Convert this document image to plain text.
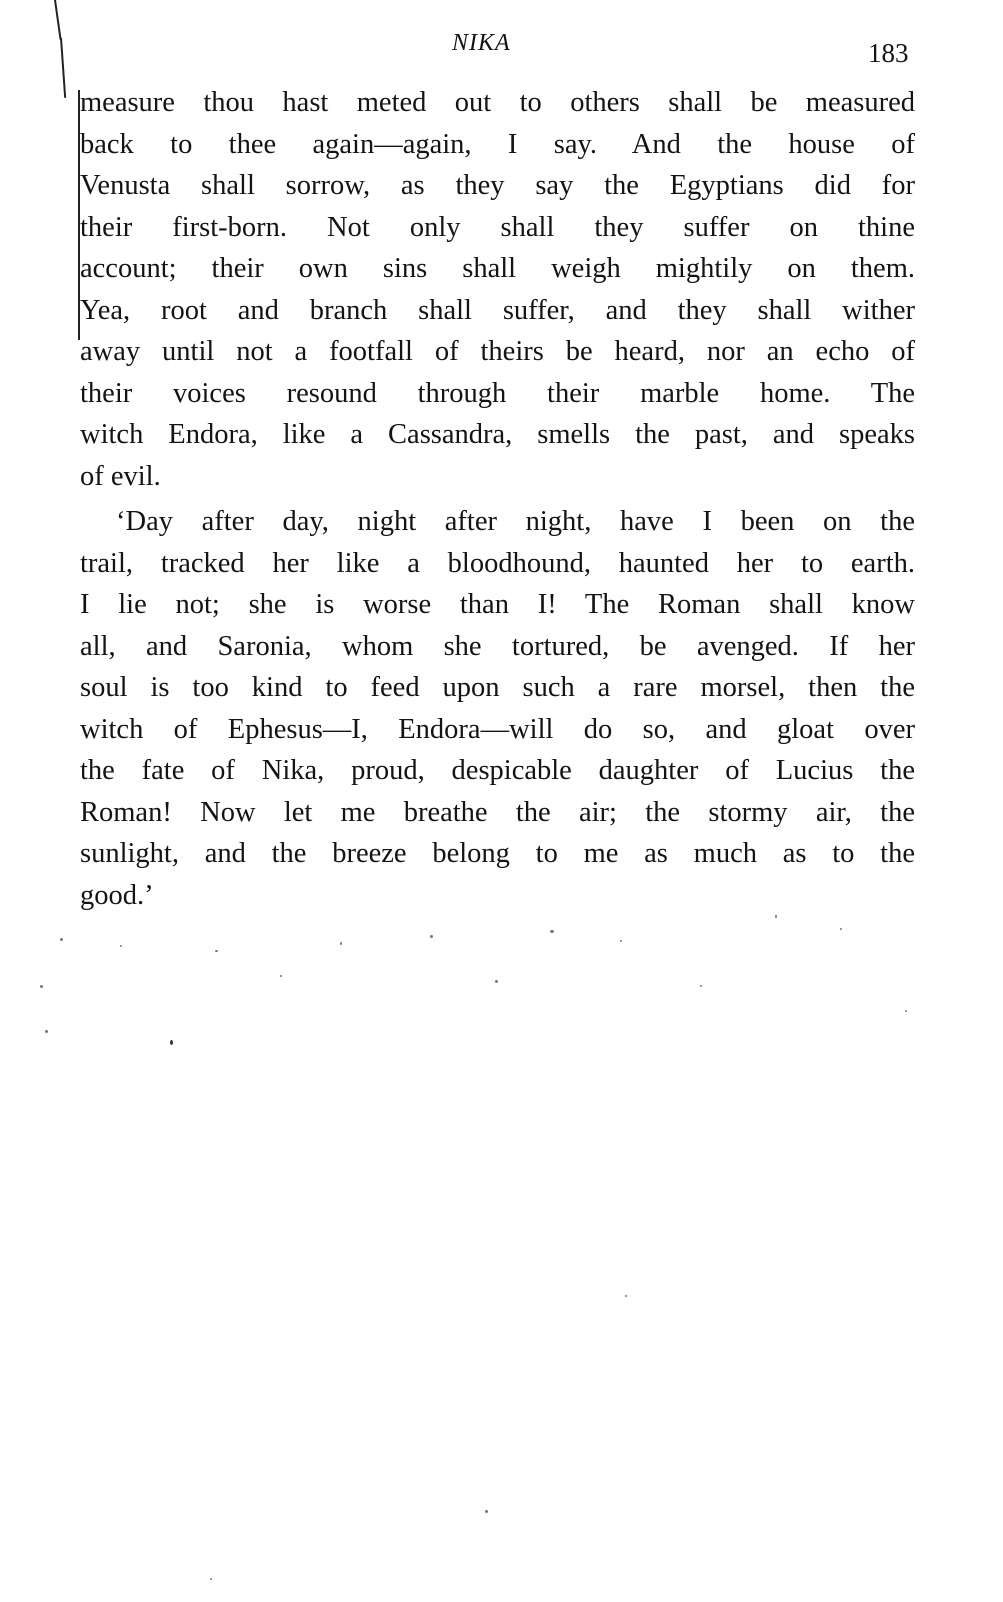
NIKA	183
measure thou hast meted out to others shall be measured
back to thee again—again, I say. And the house of
Venusta shall sorrow, as they say the Egyptians did for
their first-born. Not only shall they suffer on thine
account; their own sins shall weigh mightily on them.
Yea, root and branch shall suffer, and they shall wither
away until not a footfall of theirs be heard, nor an echo of
their voices resound through their marble home. The
witch Endora, like a Cassandra, smells the past, and speaks
of evil.
‘Day after day, night after night, have I been on the
trail, tracked her like a bloodhound, haunted her to earth.
I lie not; she is worse than I! The Roman shall know
all, and Saronia, whom she tortured, be avenged. If her
soul is too kind to feed upon such a rare morsel, then the
witch of Ephesus—I, Endora—will do so, and gloat over
the fate of Nika, proud, despicable daughter of Lucius the
Roman! Now let me breathe the air; the stormy air, the
sunlight, and the breeze belong to me as much as to the
good.’
